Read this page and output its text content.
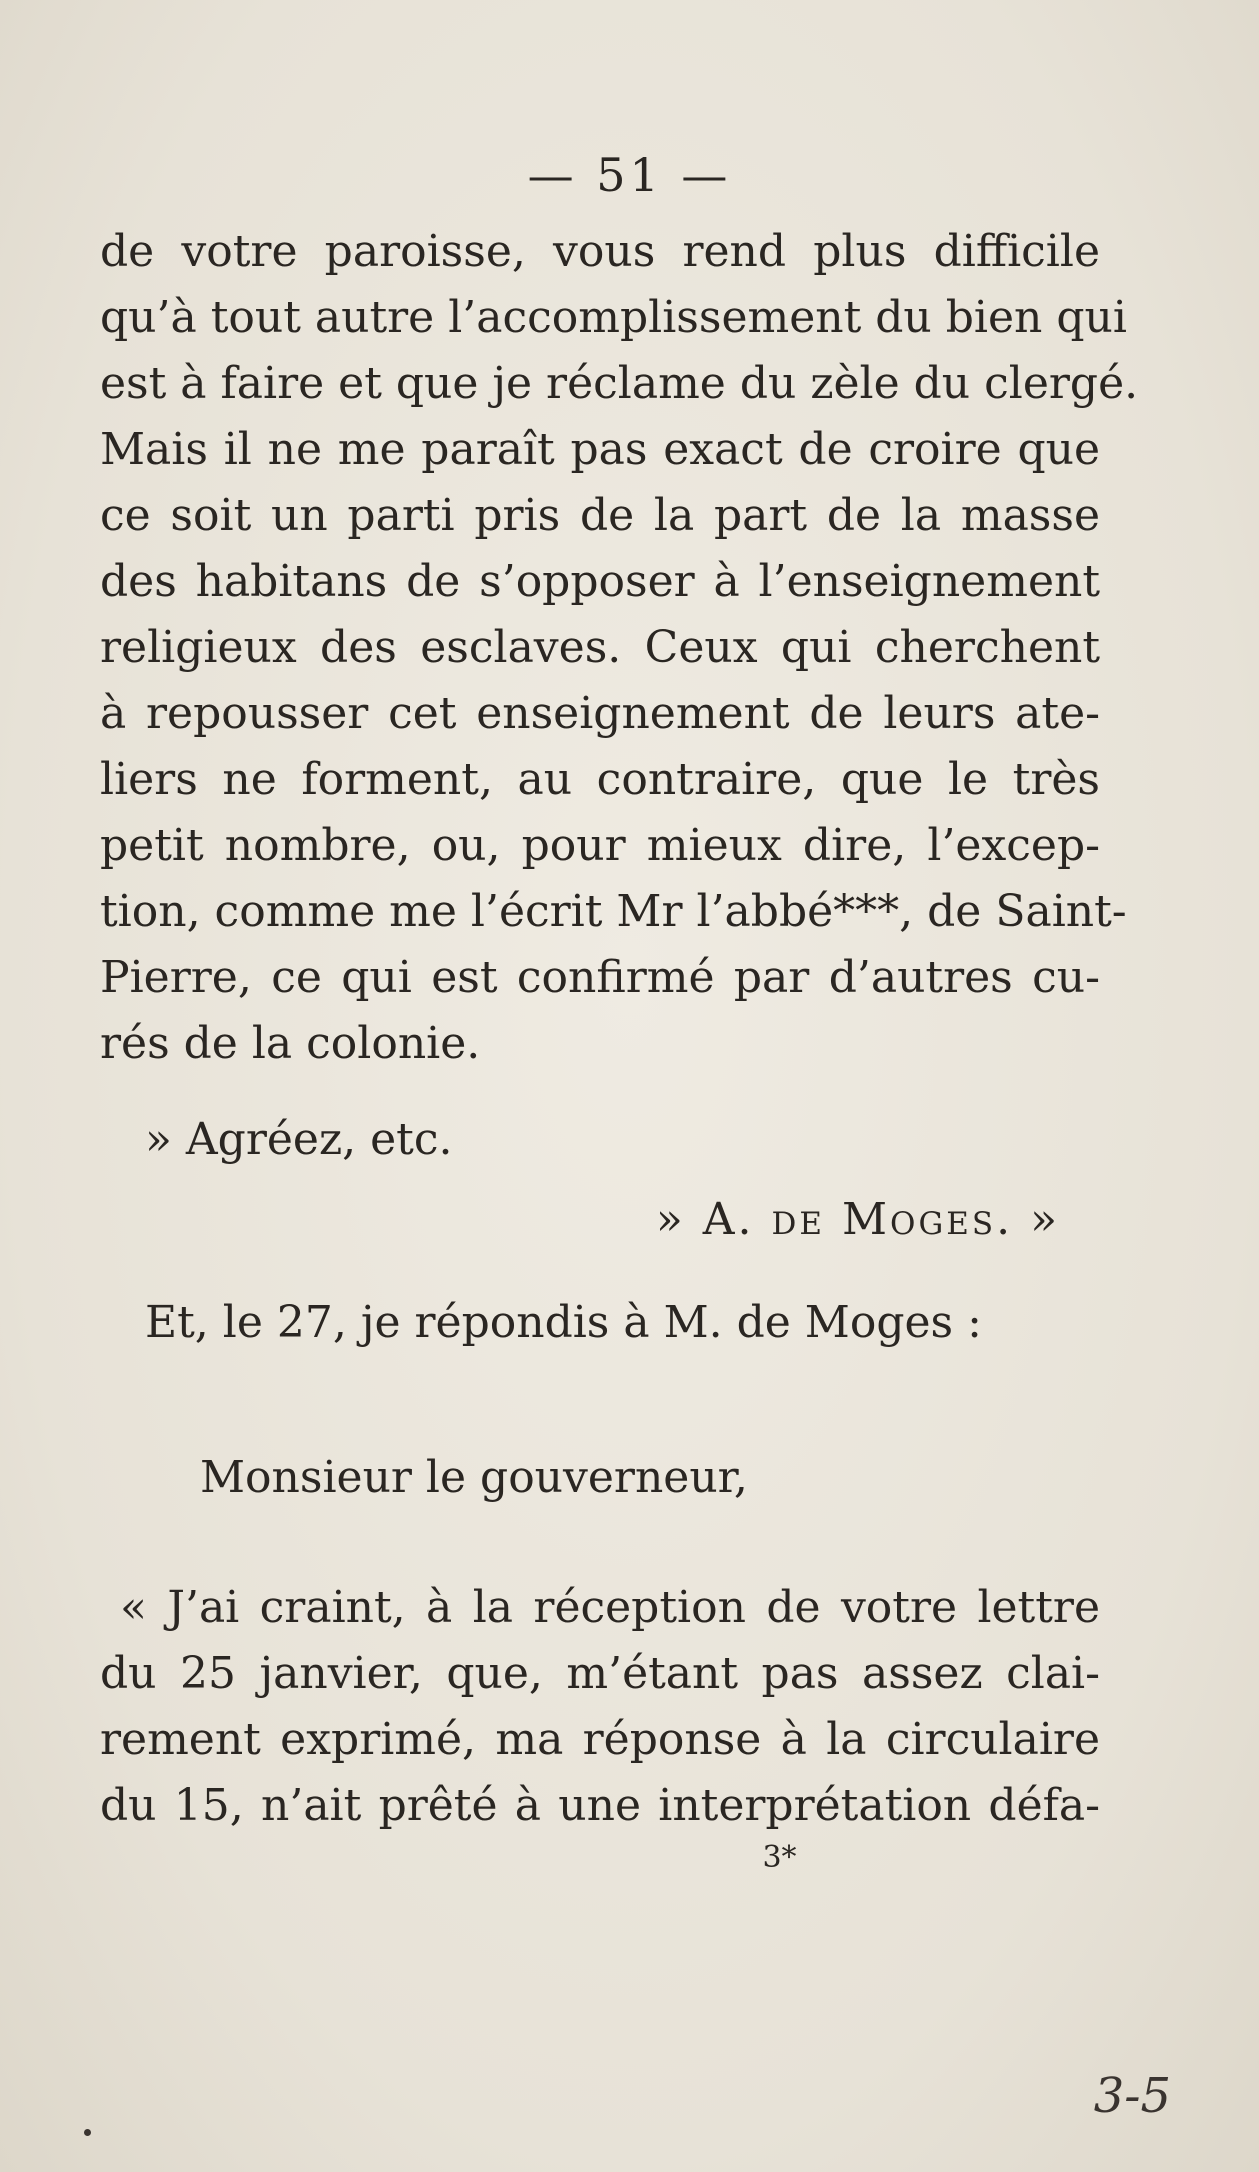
— 51 —
de votre paroisse, vous rend plus difficile
qu’à tout autre l’accomplissement du bien qui
est à faire et que je réclame du zèle du clergé.
Mais il ne me paraît pas exact de croire que
ce soit un parti pris de la part de la masse
des habitans de s’opposer à l’enseignement
religieux des esclaves. Ceux qui cherchent
à repousser cet enseignement de leurs ate-
liers ne forment, au contraire, que le très
petit nombre, ou, pour mieux dire, l’excep-
tion, comme me l’écrit Mr l’abbé***, de Saint-
Pierre, ce qui est confirmé par d’autres cu-
rés de la colonie.
» Agréez, etc.
» A. de Moges. »
Et, le 27, je répondis à M. de Moges :
Monsieur le gouverneur,
« J’ai craint, à la réception de votre lettre
du 25 janvier, que, m’étant pas assez clai-
rement exprimé, ma réponse à la circulaire
du 15, n’ait prêté à une interprétation défa-
3*
3-5
